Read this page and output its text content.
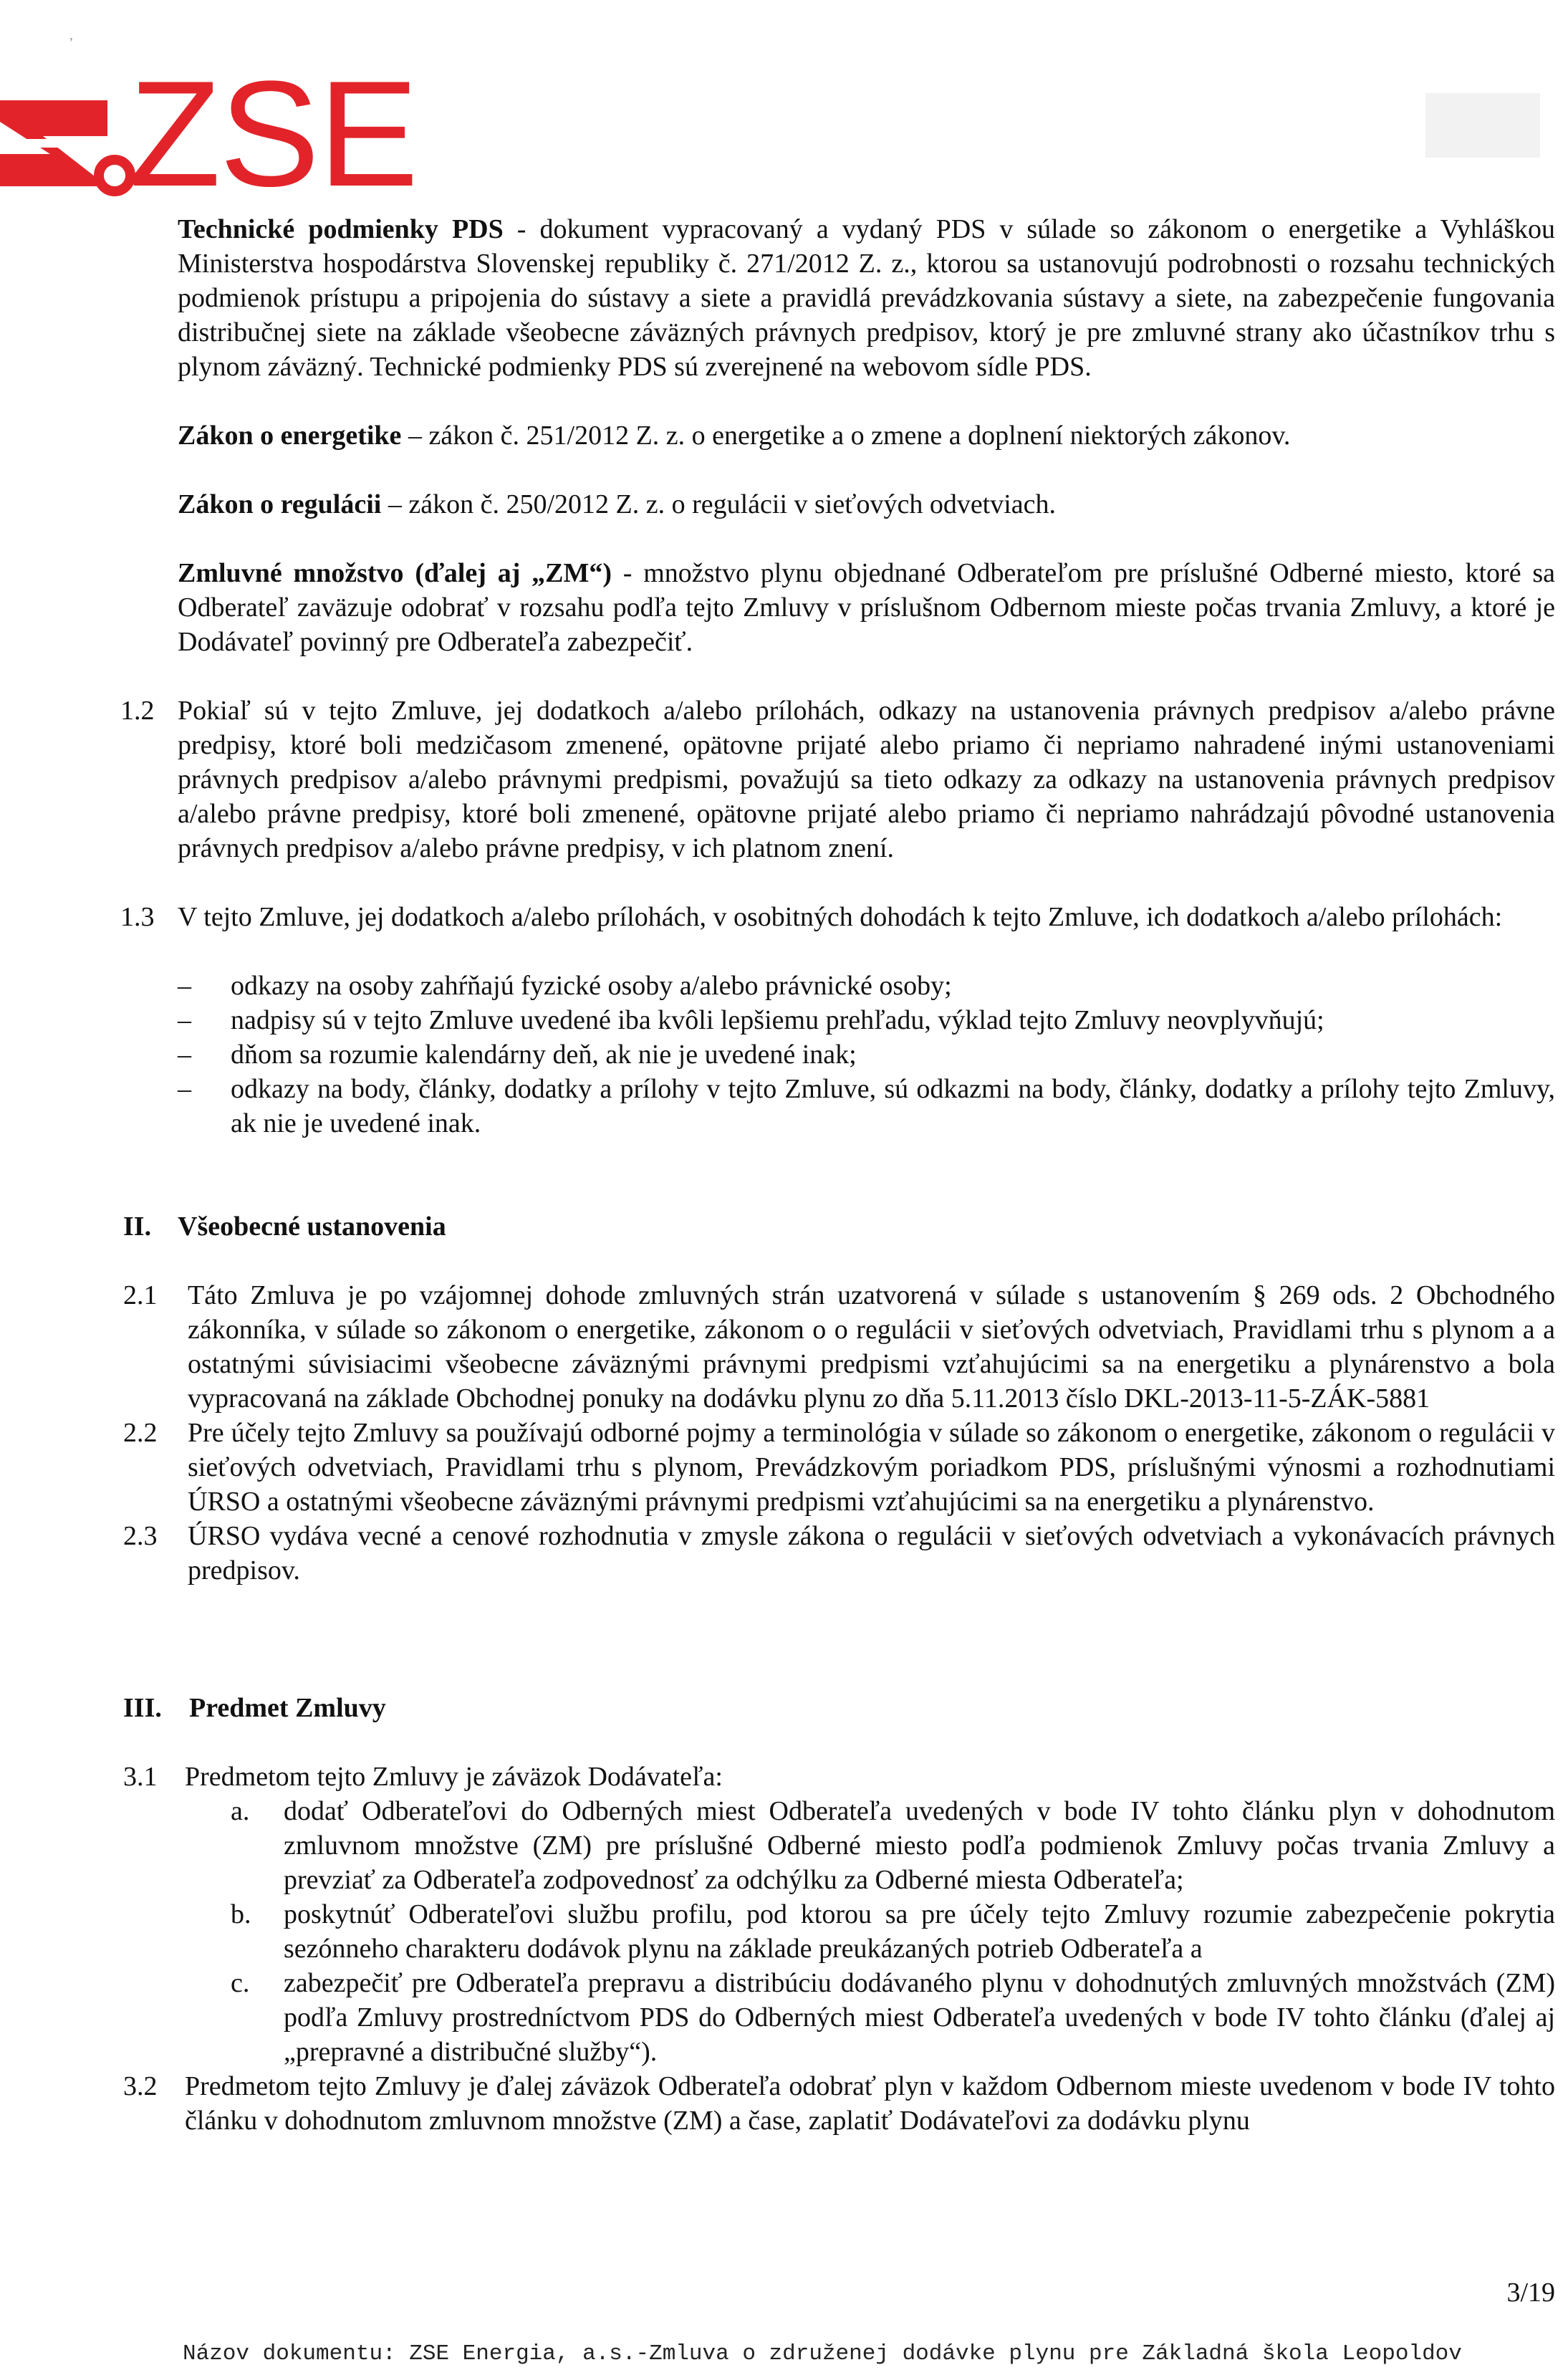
‚
ZSE

Technické podmienky PDS - dokument vypracovaný a vydaný PDS v súlade so zákonom o energetike a Vyhláškou Ministerstva hospodárstva Slovenskej republiky č. 271/2012 Z. z., ktorou sa ustanovujú podrobnosti o rozsahu technických podmienok prístupu a pripojenia do sústavy a siete a pravidlá prevádzkovania sústavy a siete, na zabezpečenie fungovania distribučnej siete na základe všeobecne záväzných právnych predpisov, ktorý je pre zmluvné strany ako účastníkov trhu s plynom záväzný. Technické podmienky PDS sú zverejnené na webovom sídle PDS.

Zákon o energetike – zákon č. 251/2012 Z. z. o energetike a o zmene a doplnení niektorých zákonov.

Zákon o regulácii – zákon č. 250/2012 Z. z. o regulácii v sieťových odvetviach.

Zmluvné množstvo (ďalej aj „ZM“) - množstvo plynu objednané Odberateľom pre príslušné Odberné miesto, ktoré sa Odberateľ zaväzuje odobrať v rozsahu podľa tejto Zmluvy v príslušnom Odbernom mieste počas trvania Zmluvy, a ktoré je Dodávateľ povinný pre Odberateľa zabezpečiť.

1.2 Pokiaľ sú v tejto Zmluve, jej dodatkoch a/alebo prílohách, odkazy na ustanovenia právnych predpisov a/alebo právne predpisy, ktoré boli medzičasom zmenené, opätovne prijaté alebo priamo či nepriamo nahradené inými ustanoveniami právnych predpisov a/alebo právnymi predpismi, považujú sa tieto odkazy za odkazy na ustanovenia právnych predpisov a/alebo právne predpisy, ktoré boli zmenené, opätovne prijaté alebo priamo či nepriamo nahrádzajú pôvodné ustanovenia právnych predpisov a/alebo právne predpisy, v ich platnom znení.
1.3 V tejto Zmluve, jej dodatkoch a/alebo prílohách, v osobitných dohodách k tejto Zmluve, ich dodatkoch a/alebo prílohách:
–	odkazy na osoby zahŕňajú fyzické osoby a/alebo právnické osoby;
–	nadpisy sú v tejto Zmluve uvedené iba kvôli lepšiemu prehľadu, výklad tejto Zmluvy neovplyvňujú;
–	dňom sa rozumie kalendárny deň, ak nie je uvedené inak;
–	odkazy na body, články, dodatky a prílohy v tejto Zmluve, sú odkazmi na body, články, dodatky a prílohy tejto Zmluvy, ak nie je uvedené inak.
II. Všeobecné ustanovenia
2.1	Táto Zmluva je po vzájomnej dohode zmluvných strán uzatvorená v súlade s ustanovením § 269 ods. 2 Obchodného zákonníka, v súlade so zákonom o energetike, zákonom o o regulácii v sieťových odvetviach, Pravidlami trhu s plynom a a ostatnými súvisiacimi všeobecne záväznými právnymi predpismi vzťahujúcimi sa na energetiku a plynárenstvo a bola vypracovaná na základe Obchodnej ponuky na dodávku plynu zo dňa 5.11.2013 číslo DKL-2013-11-5-ZÁK-5881
2.2	Pre účely tejto Zmluvy sa používajú odborné pojmy a terminológia v súlade so zákonom o energetike, zákonom o regulácii v sieťových odvetviach, Pravidlami trhu s plynom, Prevádzkovým poriadkom PDS, príslušnými výnosmi a rozhodnutiami ÚRSO a ostatnými všeobecne záväznými právnymi predpismi vzťahujúcimi sa na energetiku a plynárenstvo.
2.3	ÚRSO vydáva vecné a cenové rozhodnutia v zmysle zákona o regulácii v sieťových odvetviach a vykonávacích právnych predpisov.
III.	Predmet Zmluvy
3.1	Predmetom tejto Zmluvy je záväzok Dodávateľa:
a.	dodať Odberateľovi do Odberných miest Odberateľa uvedených v bode IV tohto článku plyn v dohodnutom zmluvnom množstve (ZM) pre príslušné Odberné miesto podľa podmienok Zmluvy počas trvania Zmluvy a prevziať za Odberateľa zodpovednosť za odchýlku za Odberné miesta Odberateľa;
b.	poskytnúť Odberateľovi službu profilu, pod ktorou sa pre účely tejto Zmluvy rozumie zabezpečenie pokrytia sezónneho charakteru dodávok plynu na základe preukázaných potrieb Odberateľa a
c.	zabezpečiť pre Odberateľa prepravu a distribúciu dodávaného plynu v dohodnutých zmluvných množstvách (ZM) podľa Zmluvy prostredníctvom PDS do Odberných miest Odberateľa uvedených v bode IV tohto článku (ďalej aj „prepravné a distribučné služby“).
3.2	Predmetom tejto Zmluvy je ďalej záväzok Odberateľa odobrať plyn v každom Odbernom mieste uvedenom v bode IV tohto článku v dohodnutom zmluvnom množstve (ZM) a čase, zaplatiť Dodávateľovi za dodávku plynu
3/19
Názov dokumentu: ZSE Energia, a.s.-Zmluva o združenej dodávke plynu pre Základná škola Leopoldov
